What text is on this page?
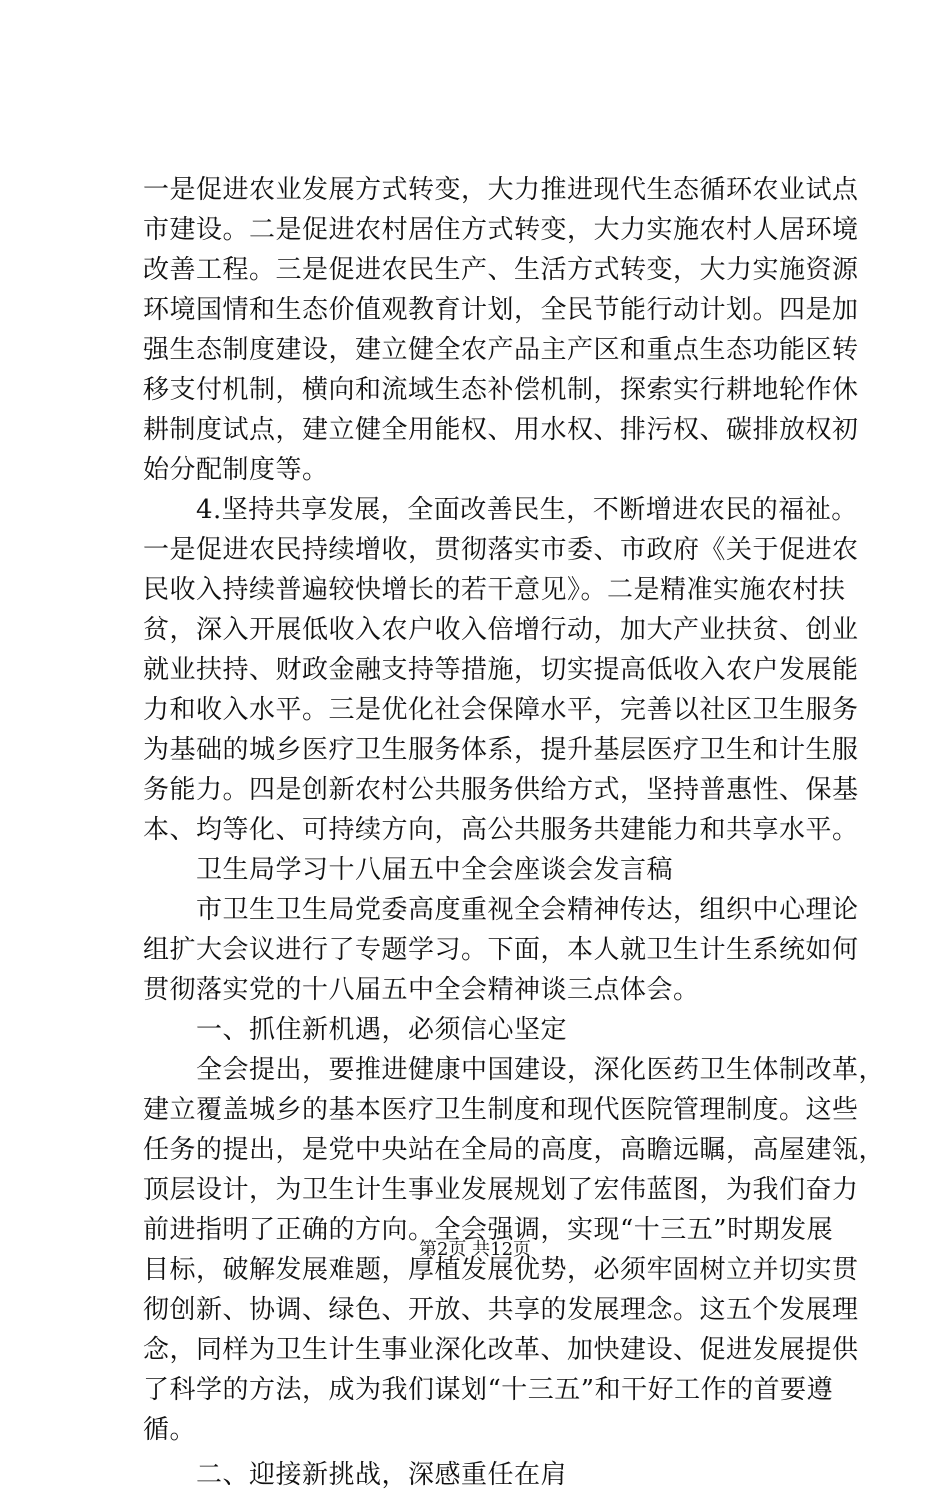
一是促进农业发展方式转变，大力推进现代生态循环农业试点
市建设。二是促进农村居住方式转变，大力实施农村人居环境
改善工程。三是促进农民生产、生活方式转变，大力实施资源
环境国情和生态价值观教育计划，全民节能行动计划。四是加
强生态制度建设，建立健全农产品主产区和重点生态功能区转
移支付机制，横向和流域生态补偿机制，探索实行耕地轮作休
耕制度试点，建立健全用能权、用水权、排污权、碳排放权初
始分配制度等。
　　4.坚持共享发展，全面改善民生，不断增进农民的福祉。
一是促进农民持续增收，贯彻落实市委、市政府《关于促进农
民收入持续普遍较快增长的若干意见》。二是精准实施农村扶
贫，深入开展低收入农户收入倍增行动，加大产业扶贫、创业
就业扶持、财政金融支持等措施，切实提高低收入农户发展能
力和收入水平。三是优化社会保障水平，完善以社区卫生服务
为基础的城乡医疗卫生服务体系，提升基层医疗卫生和计生服
务能力。四是创新农村公共服务供给方式，坚持普惠性、保基
本、均等化、可持续方向，高公共服务共建能力和共享水平。
　　卫生局学习十八届五中全会座谈会发言稿
　　市卫生卫生局党委高度重视全会精神传达，组织中心理论
组扩大会议进行了专题学习。下面，本人就卫生计生系统如何
贯彻落实党的十八届五中全会精神谈三点体会。
　　一、抓住新机遇，必须信心坚定
　　全会提出，要推进健康中国建设，深化医药卫生体制改革，
建立覆盖城乡的基本医疗卫生制度和现代医院管理制度。这些
任务的提出，是党中央站在全局的高度，高瞻远瞩，高屋建瓴，
顶层设计，为卫生计生事业发展规划了宏伟蓝图，为我们奋力
前进指明了正确的方向。全会强调，实现“十三五”时期发展
目标，破解发展难题，厚植发展优势，必须牢固树立并切实贯
彻创新、协调、绿色、开放、共享的发展理念。这五个发展理
念，同样为卫生计生事业深化改革、加快建设、促进发展提供
了科学的方法，成为我们谋划“十三五”和干好工作的首要遵
循。
　　二、迎接新挑战，深感重任在肩
第2页 共12页
